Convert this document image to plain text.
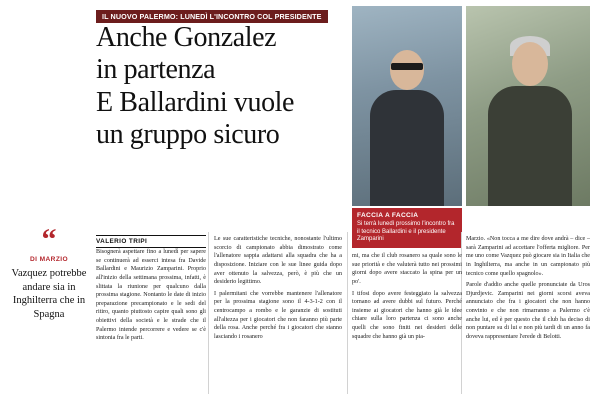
IL NUOVO PALERMO: LUNEDÌ L'INCONTRO COL PRESIDENTE
Anche Gonzalez
in partenza
E Ballardini vuole
un gruppo sicuro
FACCIA A FACCIA
Si terrà lunedì prossimo l'incontro fra il tecnico Ballardini e il presidente Zamparini
“
DI MARZIO
Vazquez potrebbe andare sia in Inghilterra che in Spagna
VALERIO TRIPI

Bisognerà aspettare fino a lunedì per sapere se continuerà ad esserci intesa fra Davide Ballardini e Maurizio Zamparini. Proprio all'inizio della settimana prossima, infatti, è slittata la riunione per qualcuno dalla prossima stagione. Nontanto le date di inizio preparazione precampionato e le sedi del ritiro, quanto piuttosto capire quali sono gli obiettivi della società e le strade che il Palermo intende percorrere e vedere se c'è sintonia fra le parti.

Le sue caratteristiche tecniche, nonostante l'ultimo scorcio di campionato abbia dimostrato come l'allenatore sappia adattarsi alla squadra che ha a disposizione. Iniziare con le sue linee guida dopo aver ottenuto la salvezza, però, è più che un desiderio legittimo.

I palermitani che vorrebbe mantenere l'allenatore per la prossima stagione sono il 4-3-1-2 con il centrocampo a rombo e le garanzie di sostituti all'altezza per i giocatori che non faranno più parte della rosa. Anche perché fra i giocatori che stanno lasciando i rosanero

mi, ma che il club rosanero sa quale sono le sue priorità e che valuterà tutto nei prossimi giorni dopo avere staccato la spina per un po'.

I tifosi dopo avere festeggiato la salvezza tornano ad avere dubbi sul futuro. Perché insieme ai giocatori che hanno già le idee chiare sulla loro partenza ci sono anche quelli che sono finiti nei desideri delle squadre che hanno già un pia-

Marzio. «Non tocca a me dire dove andrà – dice – sarà Zamparini ad accettare l'offerta migliore. Per me uno come Vazquez può giocare sia in Italia che in Inghilterra, ma anche in un campionato più tecnico come quello spagnolo».

Parole d'addio anche quelle pronunciate da Uros Djurdjevic. Zamparini nei giorni scorsi aveva annunciato che fra i giocatori che non hanno convinto e che non rimarranno a Palermo c'è anche lui, ed è per questo che il club ha deciso di non puntare su di lui e non più tardi di un anno fa doveva rappresentare l'erede di Belotti.
